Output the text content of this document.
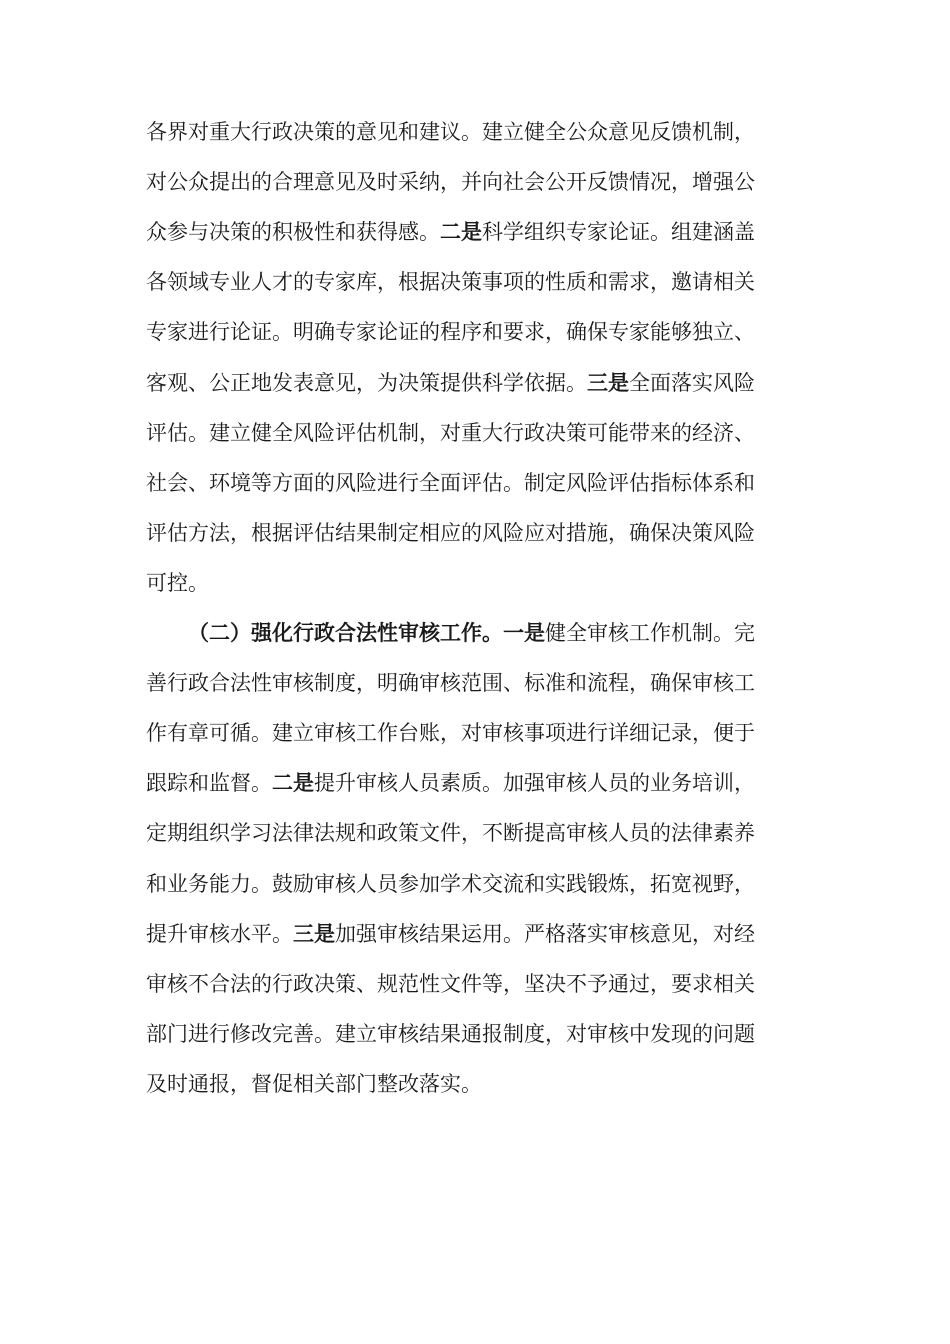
各界对重大行政决策的意见和建议。建立健全公众意见反馈机制，
对公众提出的合理意见及时采纳，并向社会公开反馈情况，增强公
众参与决策的积极性和获得感。二是科学组织专家论证。组建涵盖
各领域专业人才的专家库，根据决策事项的性质和需求，邀请相关
专家进行论证。明确专家论证的程序和要求，确保专家能够独立、
客观、公正地发表意见，为决策提供科学依据。三是全面落实风险
评估。建立健全风险评估机制，对重大行政决策可能带来的经济、
社会、环境等方面的风险进行全面评估。制定风险评估指标体系和
评估方法，根据评估结果制定相应的风险应对措施，确保决策风险
可控。
（二）强化行政合法性审核工作。一是健全审核工作机制。完
善行政合法性审核制度，明确审核范围、标准和流程，确保审核工
作有章可循。建立审核工作台账，对审核事项进行详细记录，便于
跟踪和监督。二是提升审核人员素质。加强审核人员的业务培训，
定期组织学习法律法规和政策文件，不断提高审核人员的法律素养
和业务能力。鼓励审核人员参加学术交流和实践锻炼，拓宽视野，
提升审核水平。三是加强审核结果运用。严格落实审核意见，对经
审核不合法的行政决策、规范性文件等，坚决不予通过，要求相关
部门进行修改完善。建立审核结果通报制度，对审核中发现的问题
及时通报，督促相关部门整改落实。
